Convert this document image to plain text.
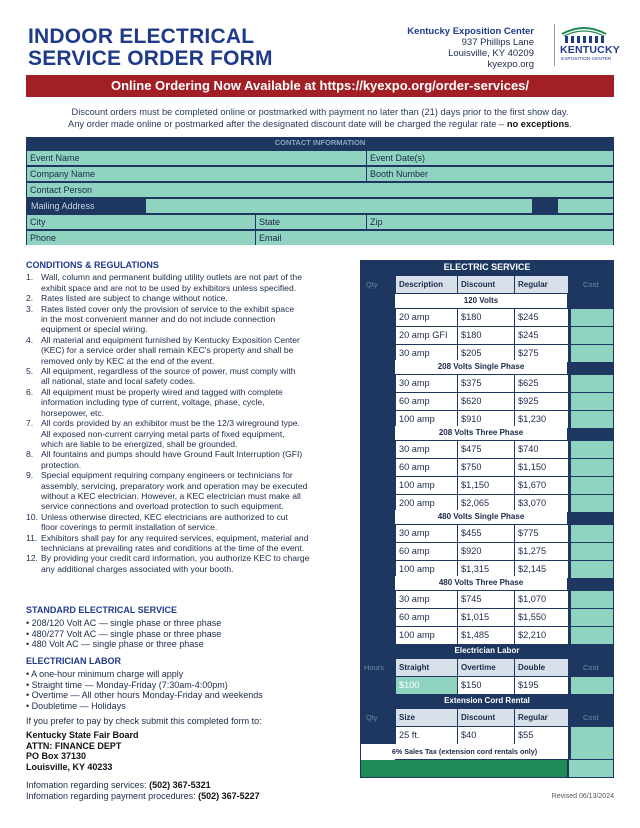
INDOOR ELECTRICAL
SERVICE ORDER FORM
Kentucky Exposition Center
937 Phillips Lane
Louisville, KY 40209
kyexpo.org
KENTUCKY
EXPOSITION CENTER
Online Ordering Now Available at https://kyexpo.org/order-services/
Discount orders must be completed online or postmarked with payment no later than (21) days prior to the first show day.
Any order made online or postmarked after the designated discount date will be charged the regular rate – no exceptions.
CONTACT INFORMATION
Event Name	Event Date(s)
Company Name	Booth Number
Contact Person
Mailing Address
City	State	Zip
Phone	Email
CONDITIONS & REGULATIONS
1. Wall, column and permanent building utility outlets are not part of the
exhibit space and are not to be used by exhibitors unless specified.
2. Rates listed are subject to change without notice.
3. Rates listed cover only the provision of service to the exhibit space
in the most convenient manner and do not include connection
equipment or special wiring.
4. All material and equipment furnished by Kentucky Exposition Center
(KEC) for a service order shall remain KEC's property and shall be
removed only by KEC at the end of the event.
5. All equipment, regardless of the source of power, must comply with
all national, state and local safety codes.
6. All equipment must be properly wired and tagged with complete
information including type of current, voltage, phase, cycle,
horsepower, etc.
7. All cords provided by an exhibitor must be the 12/3 wireground type.
All exposed non-current carrying metal parts of fixed equipment,
which are liable to be energized, shall be grounded.
8. All fountains and pumps should have Ground Fault Interruption (GFI)
protection.
9. Special equipment requiring company engineers or technicians for
assembly, servicing, preparatory work and operation may be executed
without a KEC electrician. However, a KEC electrician must make all
service connections and overload protection to such equipment.
10. Unless otherwise directed, KEC electricians are authorized to cut
floor coverings to permit installation of service.
11. Exhibitors shall pay for any required services, equipment, material and
technicians at prevailing rates and conditions at the time of the event.
12. By providing your credit card information, you authorize KEC to charge
any additional charges associated with your booth.
STANDARD ELECTRICAL SERVICE
• 208/120 Volt AC — single phase or three phase
• 480/277 Volt AC — single phase or three phase
• 480 Volt AC — single phase or three phase
ELECTRICIAN LABOR
• A one-hour minimum charge will apply
• Straight time — Monday-Friday (7:30am-4:00pm)
• Overtime — All other hours Monday-Friday and weekends
• Doubletime — Holidays
If you prefer to pay by check submit this completed form to:
Kentucky State Fair Board
ATTN: FINANCE DEPT
PO Box 37130
Louisville, KY 40233
Infomation regarding services: (502) 367-5321
Infomation regarding payment procedures: (502) 367-5227	Revised 06/13/2024
ELECTRIC SERVICE
Qty	Description	Discount	Regular	Cost
120 Volts
20 amp	$180	$245
20 amp GFI	$180	$245
30 amp	$205	$275
208 Volts Single Phase
30 amp	$375	$625
60 amp	$620	$925
100 amp	$910	$1,230
208 Volts Three Phase
30 amp	$475	$740
60 amp	$750	$1,150
100 amp	$1,150	$1,670
200 amp	$2,065	$3,070
480 Volts Single Phase
30 amp	$455	$775
60 amp	$920	$1,275
100 amp	$1,315	$2,145
480 Volts Three Phase
30 amp	$745	$1,070
60 amp	$1,015	$1,550
100 amp	$1,485	$2,210
Electrician Labor
Hours	Straight	Overtime	Double	Cost
$100	$150	$195
Extension Cord Rental
Qty	Size	Discount	Regular	Cost
25 ft.	$40	$55
6% Sales Tax (extension cord rentals only)
